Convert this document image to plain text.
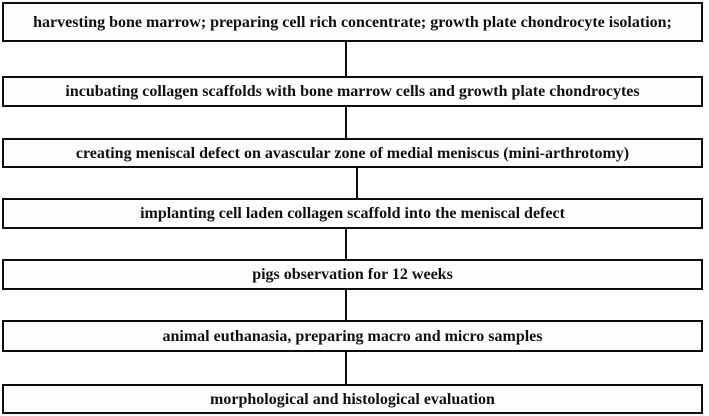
harvesting bone marrow; preparing cell rich concentrate; growth plate chondrocyte isolation;
incubating collagen scaffolds with bone marrow cells and growth plate chondrocytes
creating meniscal defect on avascular zone of medial meniscus (mini-arthrotomy)
implanting cell laden collagen scaffold into the meniscal defect
pigs observation for 12 weeks
animal euthanasia, preparing macro and micro samples
morphological and histological evaluation
